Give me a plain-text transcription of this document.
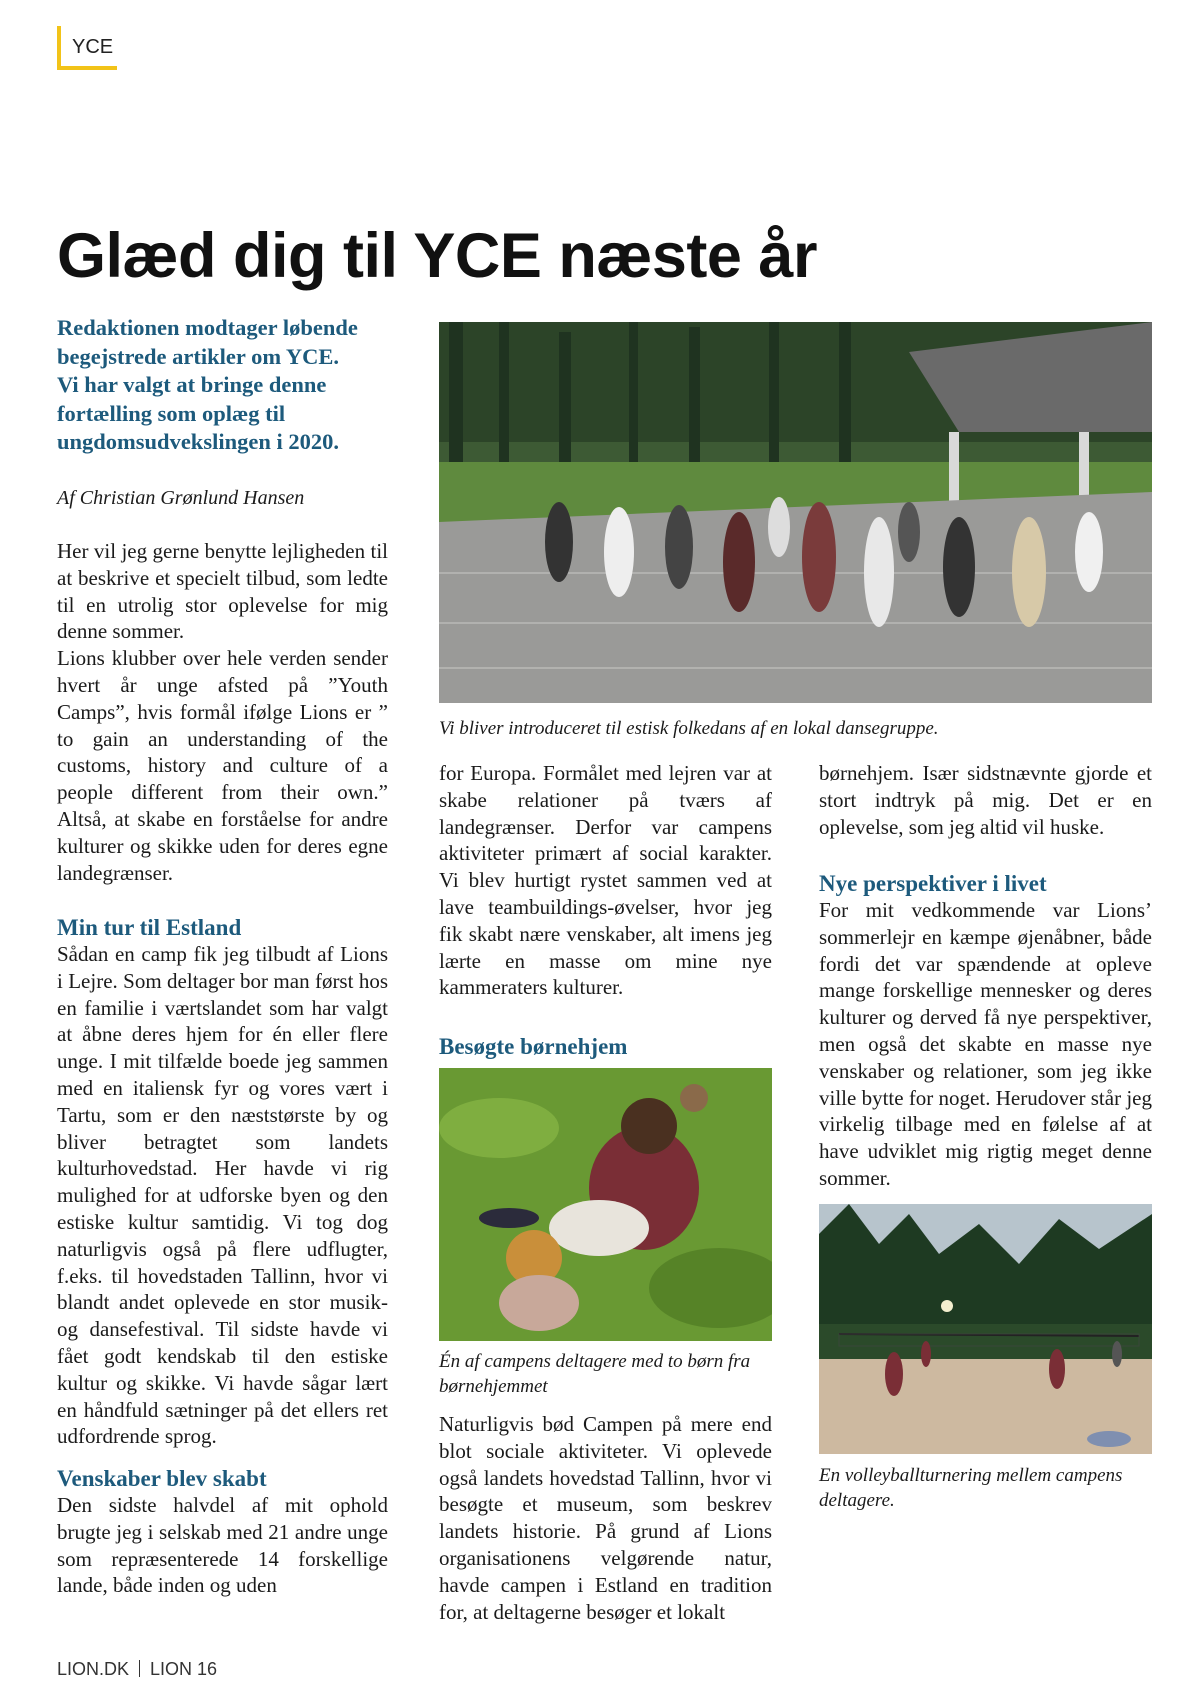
YCE
Glæd dig til YCE næste år
Redaktionen modtager løbende
begejstrede artikler om YCE.
Vi har valgt at bringe denne
fortælling som oplæg til
ungdomsudvekslingen i 2020.

Af Christian Grønlund Hansen

Her vil jeg gerne benytte lejligheden til at beskrive et specielt tilbud, som ledte til en utrolig stor oplevelse for mig denne sommer.

Lions klubber over hele verden sender hvert år unge afsted på ”Youth Camps”, hvis formål ifølge Lions er ” to gain an understanding of the customs, history and culture of a people different from their own.” Altså, at skabe en forståelse for andre kulturer og skikke uden for deres egne landegrænser.

Min tur til Estland

Sådan en camp fik jeg tilbudt af Lions i Lejre. Som deltager bor man først hos en familie i værtslandet som har valgt at åbne deres hjem for én eller flere unge. I mit tilfælde boede jeg sammen med en italiensk fyr og vores vært i Tartu, som er den næststørste by og bliver betragtet som landets kulturhovedstad. Her havde vi rig mulighed for at udforske byen og den estiske kultur samtidig. Vi tog dog naturligvis også på flere udflugter, f.eks. til hovedstaden Tallinn, hvor vi blandt andet oplevede en stor musik- og dansefestival. Til sidste havde vi fået godt kendskab til den estiske kultur og skikke. Vi havde sågar lært en håndfuld sætninger på det ellers ret udfordrende sprog.

Venskaber blev skabt

Den sidste halvdel af mit ophold brugte jeg i selskab med 21 andre unge som repræsenterede 14 forskellige lande, både inden og uden

Vi bliver introduceret til estisk folkedans af en lokal dansegruppe.

for Europa. Formålet med lejren var at skabe relationer på tværs af landegrænser. Derfor var campens aktiviteter primært af social karakter. Vi blev hurtigt rystet sammen ved at lave teambuildings-øvelser, hvor jeg fik skabt nære venskaber, alt imens jeg lærte en masse om mine nye kammeraters kulturer.

Besøgte børnehjem

Én af campens deltagere med to børn fra børnehjemmet

Naturligvis bød Campen på mere end blot sociale aktiviteter. Vi oplevede også landets hovedstad Tallinn, hvor vi besøgte et museum, som beskrev landets historie. På grund af Lions organisationens velgørende natur, havde campen i Estland en tradition for, at deltagerne besøger et lokalt

børnehjem. Især sidstnævnte gjorde et stort indtryk på mig. Det er en oplevelse, som jeg altid vil huske.

Nye perspektiver i livet

For mit vedkommende var Lions’ sommerlejr en kæmpe øjenåbner, både fordi det var spændende at opleve mange forskellige mennesker og deres kulturer og derved få nye perspektiver, men også det skabte en masse nye venskaber og relationer, som jeg ikke ville bytte for noget. Herudover står jeg virkelig tilbage med en følelse af at have udviklet mig rigtig meget denne sommer.

En volleyballturnering mellem campens deltagere.

LION.DK LION 16
